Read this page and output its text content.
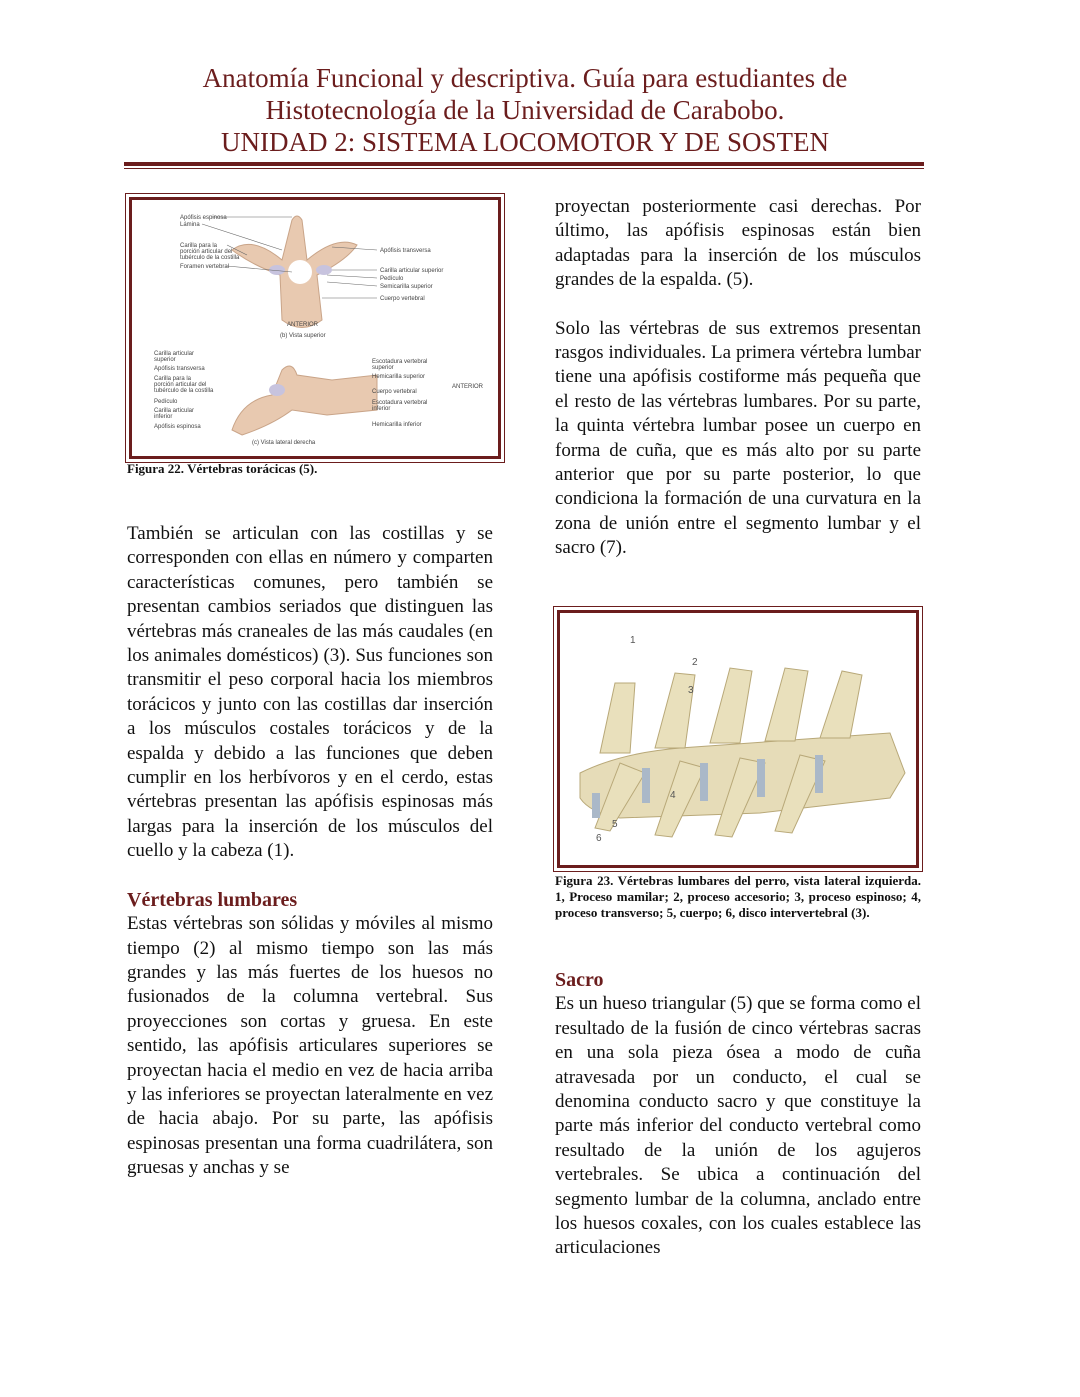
Anatomía Funcional y descriptiva. Guía para estudiantes de
Histotecnología de la Universidad de Carabobo.
UNIDAD 2: SISTEMA LOCOMOTOR Y DE SOSTEN
Apófisis espinosa
Lámina
Carilla para la
porción articular del
tubérculo de la costilla
Foramen vertebral
Apófisis transversa
Carilla articular superior
Pedículo
Semicarilla superior
Cuerpo vertebral
ANTERIOR
(b) Vista superior
Carilla articular
superior
Apófisis transversa
Carilla para la
porción articular del
tubérculo de la costilla
Pedículo
Carilla articular
inferior
Apófisis espinosa
Escotadura vertebral
superior
Hemicarilla superior
Cuerpo vertebral
Escotadura vertebral
inferior
Hemicarilla inferior
ANTERIOR
(c) Vista lateral derecha
Figura 22. Vértebras torácicas (5).

También se articulan con las costillas y se corresponden con ellas en número y comparten características comunes, pero también se presentan cambios seriados que distinguen las vértebras más craneales de las más caudales (en los animales domésticos) (3). Sus funciones son transmitir el peso corporal hacia los miembros torácicos y junto con las costillas dar inserción a los músculos costales torácicos y de la espalda y debido a las funciones que deben cumplir en los herbívoros y en el cerdo, estas vértebras presentan las apófisis espinosas más largas para la inserción de los músculos del cuello y la cabeza (1).

Vértebras lumbares

Estas vértebras son sólidas y móviles al mismo tiempo (2) al mismo tiempo son las más grandes y las más fuertes de los huesos no fusionados de la columna vertebral. Sus proyecciones son cortas y gruesa. En este sentido, las apófisis articulares superiores se proyectan hacia el medio en vez de hacia arriba y las inferiores se proyectan lateralmente en vez de hacia abajo. Por su parte, las apófisis espinosas presentan una forma cuadrilátera, son gruesas y anchas y se

proyectan posteriormente casi derechas. Por último, las apófisis espinosas están bien adaptadas para la inserción de los músculos grandes de la espalda. (5).

Solo las vértebras de sus extremos presentan rasgos individuales. La primera vértebra lumbar tiene una apófisis costiforme más pequeña que el resto de las vértebras lumbares. Por su parte, la quinta vértebra lumbar posee un cuerpo en forma de cuña, que es más alto por su parte anterior que por su parte posterior, lo que condiciona la formación de una curvatura en la zona de unión entre el segmento lumbar y el sacro (7).

1
2
3
4
5
6
Figura 23. Vértebras lumbares del perro, vista lateral izquierda. 1, Proceso mamilar; 2, proceso accesorio; 3, proceso espinoso; 4, proceso transverso; 5, cuerpo; 6, disco intervertebral (3).
Sacro

Es un hueso triangular (5) que se forma como el resultado de la fusión de cinco vértebras sacras en una sola pieza ósea a modo de cuña atravesada por un conducto, el cual se denomina conducto sacro y que constituye la parte más inferior del conducto vertebral como resultado de la unión de los agujeros vertebrales. Se ubica a continuación del segmento lumbar de la columna, anclado entre los huesos coxales, con los cuales establece las articulaciones
